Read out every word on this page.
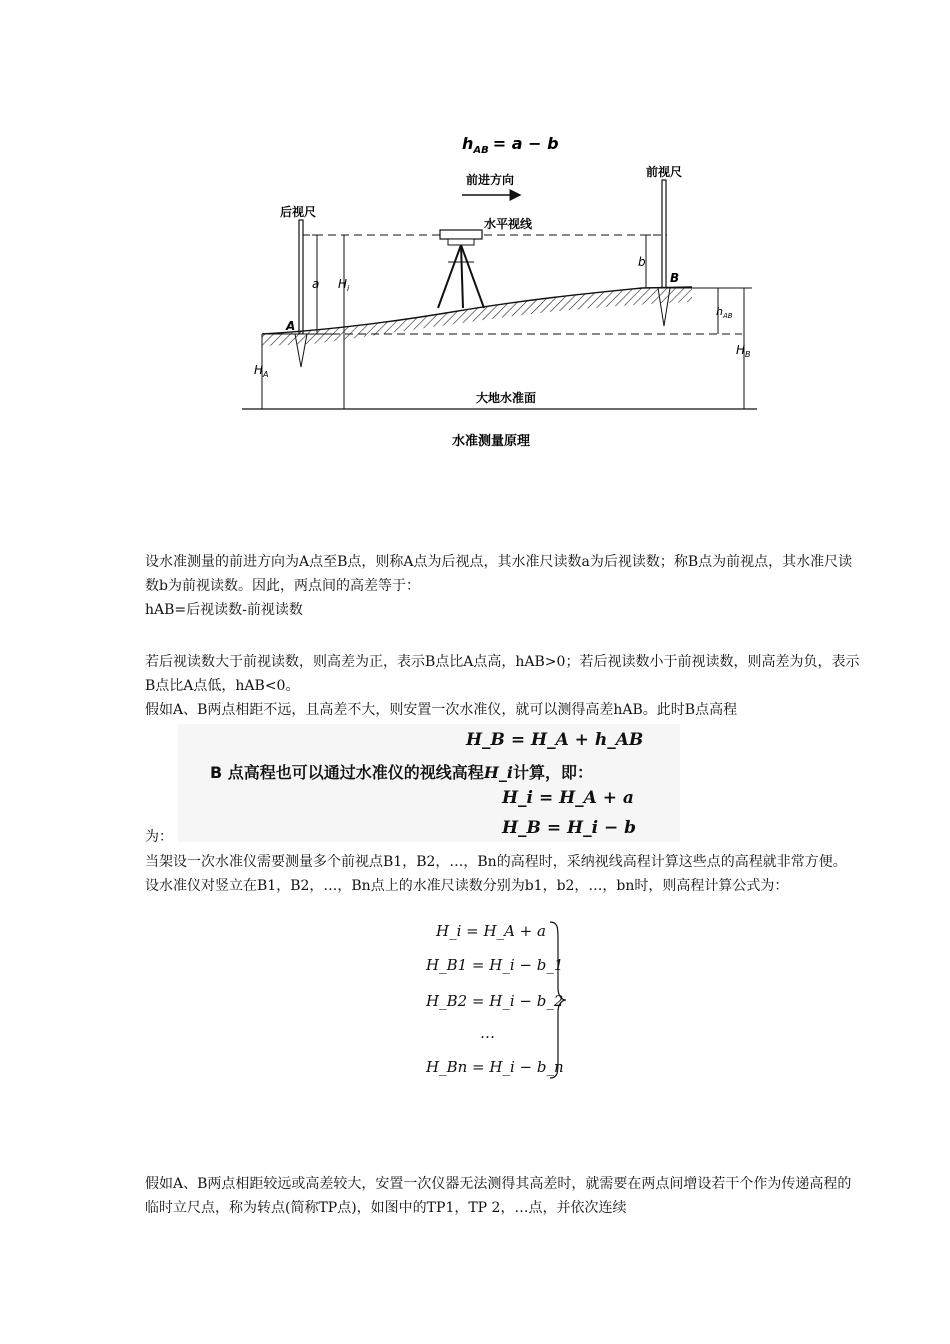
$h_{AB} = a - b$
前进方向
后视尺
前视尺
水平视线
A
B
a $H_i$
b
$h_{AB}$
$H_B$
$H_A$
大地水准面
水准测量原理

设水准测量的前进方向为A点至B点，则称A点为后视点，其水准尺读数a为后视读数；称B点为前视点，其水准尺读数b为前视读数。因此，两点间的高差等于：

hAB=后视读数-前视读数

若后视读数大于前视读数，则高差为正，表示B点比A点高，hAB>0；若后视读数小于前视读数，则高差为负，表示B点比A点低，hAB<0。

假如A、B两点相距不远，且高差不大，则安置一次水准仪，就可以测得高差hAB。此时B点高程

H_B = H_A + h_AB
B 点高程也可以通过水准仪的视线高程H_i计算，即：
H_i = H_A + a
H_B = H_i − b
为：

当架设一次水准仪需要测量多个前视点B1，B2，…，Bn的高程时，采纳视线高程计算这些点的高程就非常方便。设水准仪对竖立在B1，B2，…，Bn点上的水准尺读数分别为b1，b2，…，bn时，则高程计算公式为：

H_i = H_A + a
H_B1 = H_i − b_1
H_B2 = H_i − b_2
…
H_Bn = H_i − b_n

假如A、B两点相距较远或高差较大，安置一次仪器无法测得其高差时，就需要在两点间增设若干个作为传递高程的临时立尺点，称为转点(简称TP点)，如图中的TP1，TP 2，…点，并依次连续
